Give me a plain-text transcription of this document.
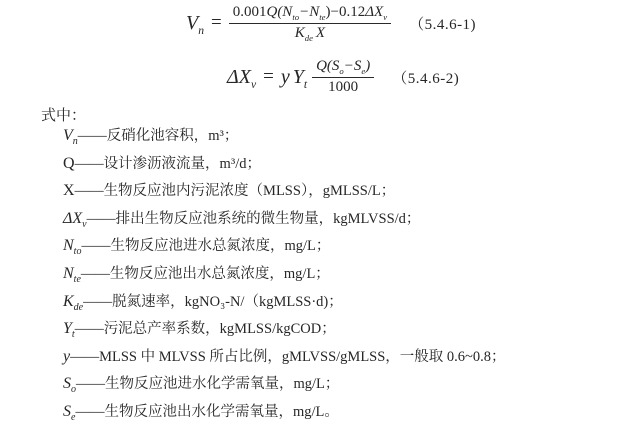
$V_n = \frac{0.001Q(N_{to}-N_{te})-0.12\Delta X_v}{K_{de} X} (5.4.6-1)$
$\Delta X_v = y$ $Y_t \frac{Q(S_o-S_e)}{1000} (5.4.6-2)$
式中：
$V_n——$反硝化池容积，m³；
Q——设计渗沥液流量，m³/d；
X——生物反应池内污泥浓度（MLSS），gMLSS/L；
$\Delta X_v——$排出生物反应池系统的微生物量，kgMLVSS/d；
$N_{to}——$生物反应池进水总氮浓度，mg/L；
$N_{te}——$生物反应池出水总氮浓度，mg/L；
$K_{de}——$脱氮速率，kgNO₃-N/（kgMLSS·d)；
$Y_t——$污泥总产率系数，kgMLSS/kgCOD；
y——MLSS 中 MLVSS 所占比例，gMLVSS/gMLSS，一般取 0.6~0.8；
$S_o——$生物反应池进水化学需氧量，mg/L；
$S_e——$生物反应池出水化学需氧量，mg/L。
